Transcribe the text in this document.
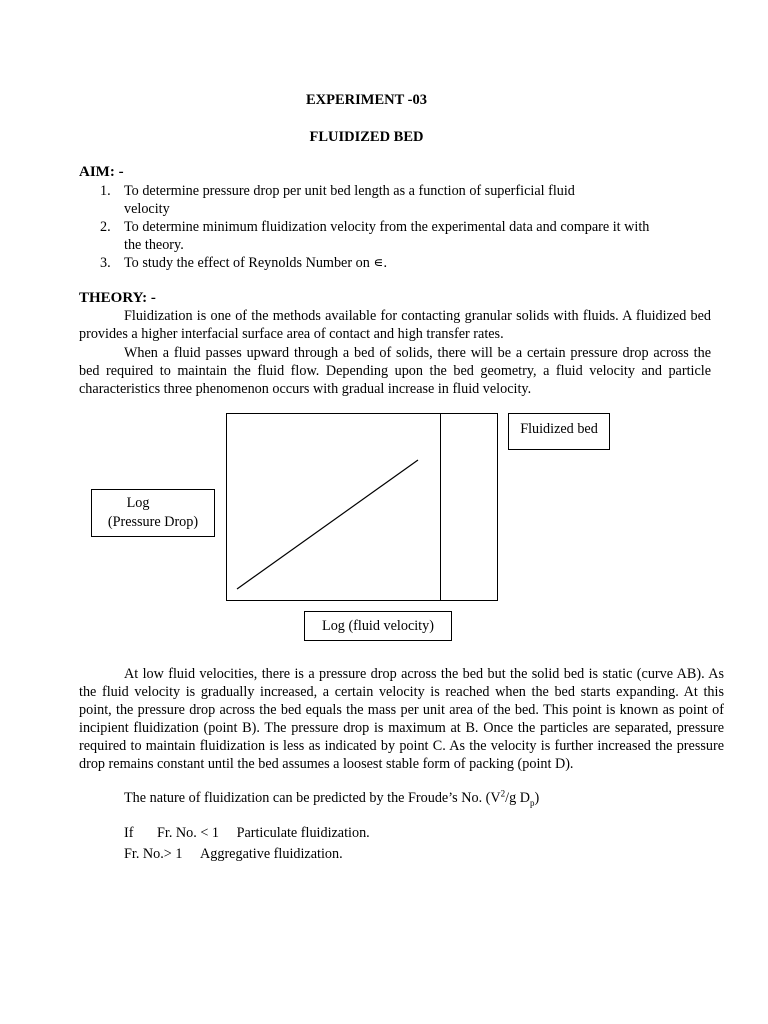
EXPERIMENT -03
FLUIDIZED BED
AIM: -
1. To determine pressure drop per unit bed length as a function of superficial fluid velocity
2. To determine minimum fluidization velocity from the experimental data and compare it with the theory.
3. To study the effect of Reynolds Number on ∊.
THEORY: -
Fluidization is one of the methods available for contacting granular solids with fluids. A fluidized bed provides a higher interfacial surface area of contact and high transfer rates.
When a fluid passes upward through a bed of solids, there will be a certain pressure drop across the bed required to maintain the fluid flow. Depending upon the bed geometry, a fluid velocity and particle characteristics three phenomenon occurs with gradual increase in fluid velocity.
Fluidized bed
Log
(Pressure Drop)
Log (fluid velocity)
At low fluid velocities, there is a pressure drop across the bed but the solid bed is static (curve AB). As the fluid velocity is gradually increased, a certain velocity is reached when the bed starts expanding. At this point, the pressure drop across the bed equals the mass per unit area of the bed. This point is known as point of incipient fluidization (point B). The pressure drop is maximum at B. Once the particles are separated, pressure required to maintain fluidization is less as indicated by point C. As the velocity is further increased the pressure drop remains constant until the bed assumes a loosest stable form of packing (point D).
The nature of fluidization can be predicted by the Froude’s No. ($V^2/g$ $D_p$)
If Fr. No. < 1 Particulate fluidization.
Fr. No.> 1 Aggregative fluidization.
